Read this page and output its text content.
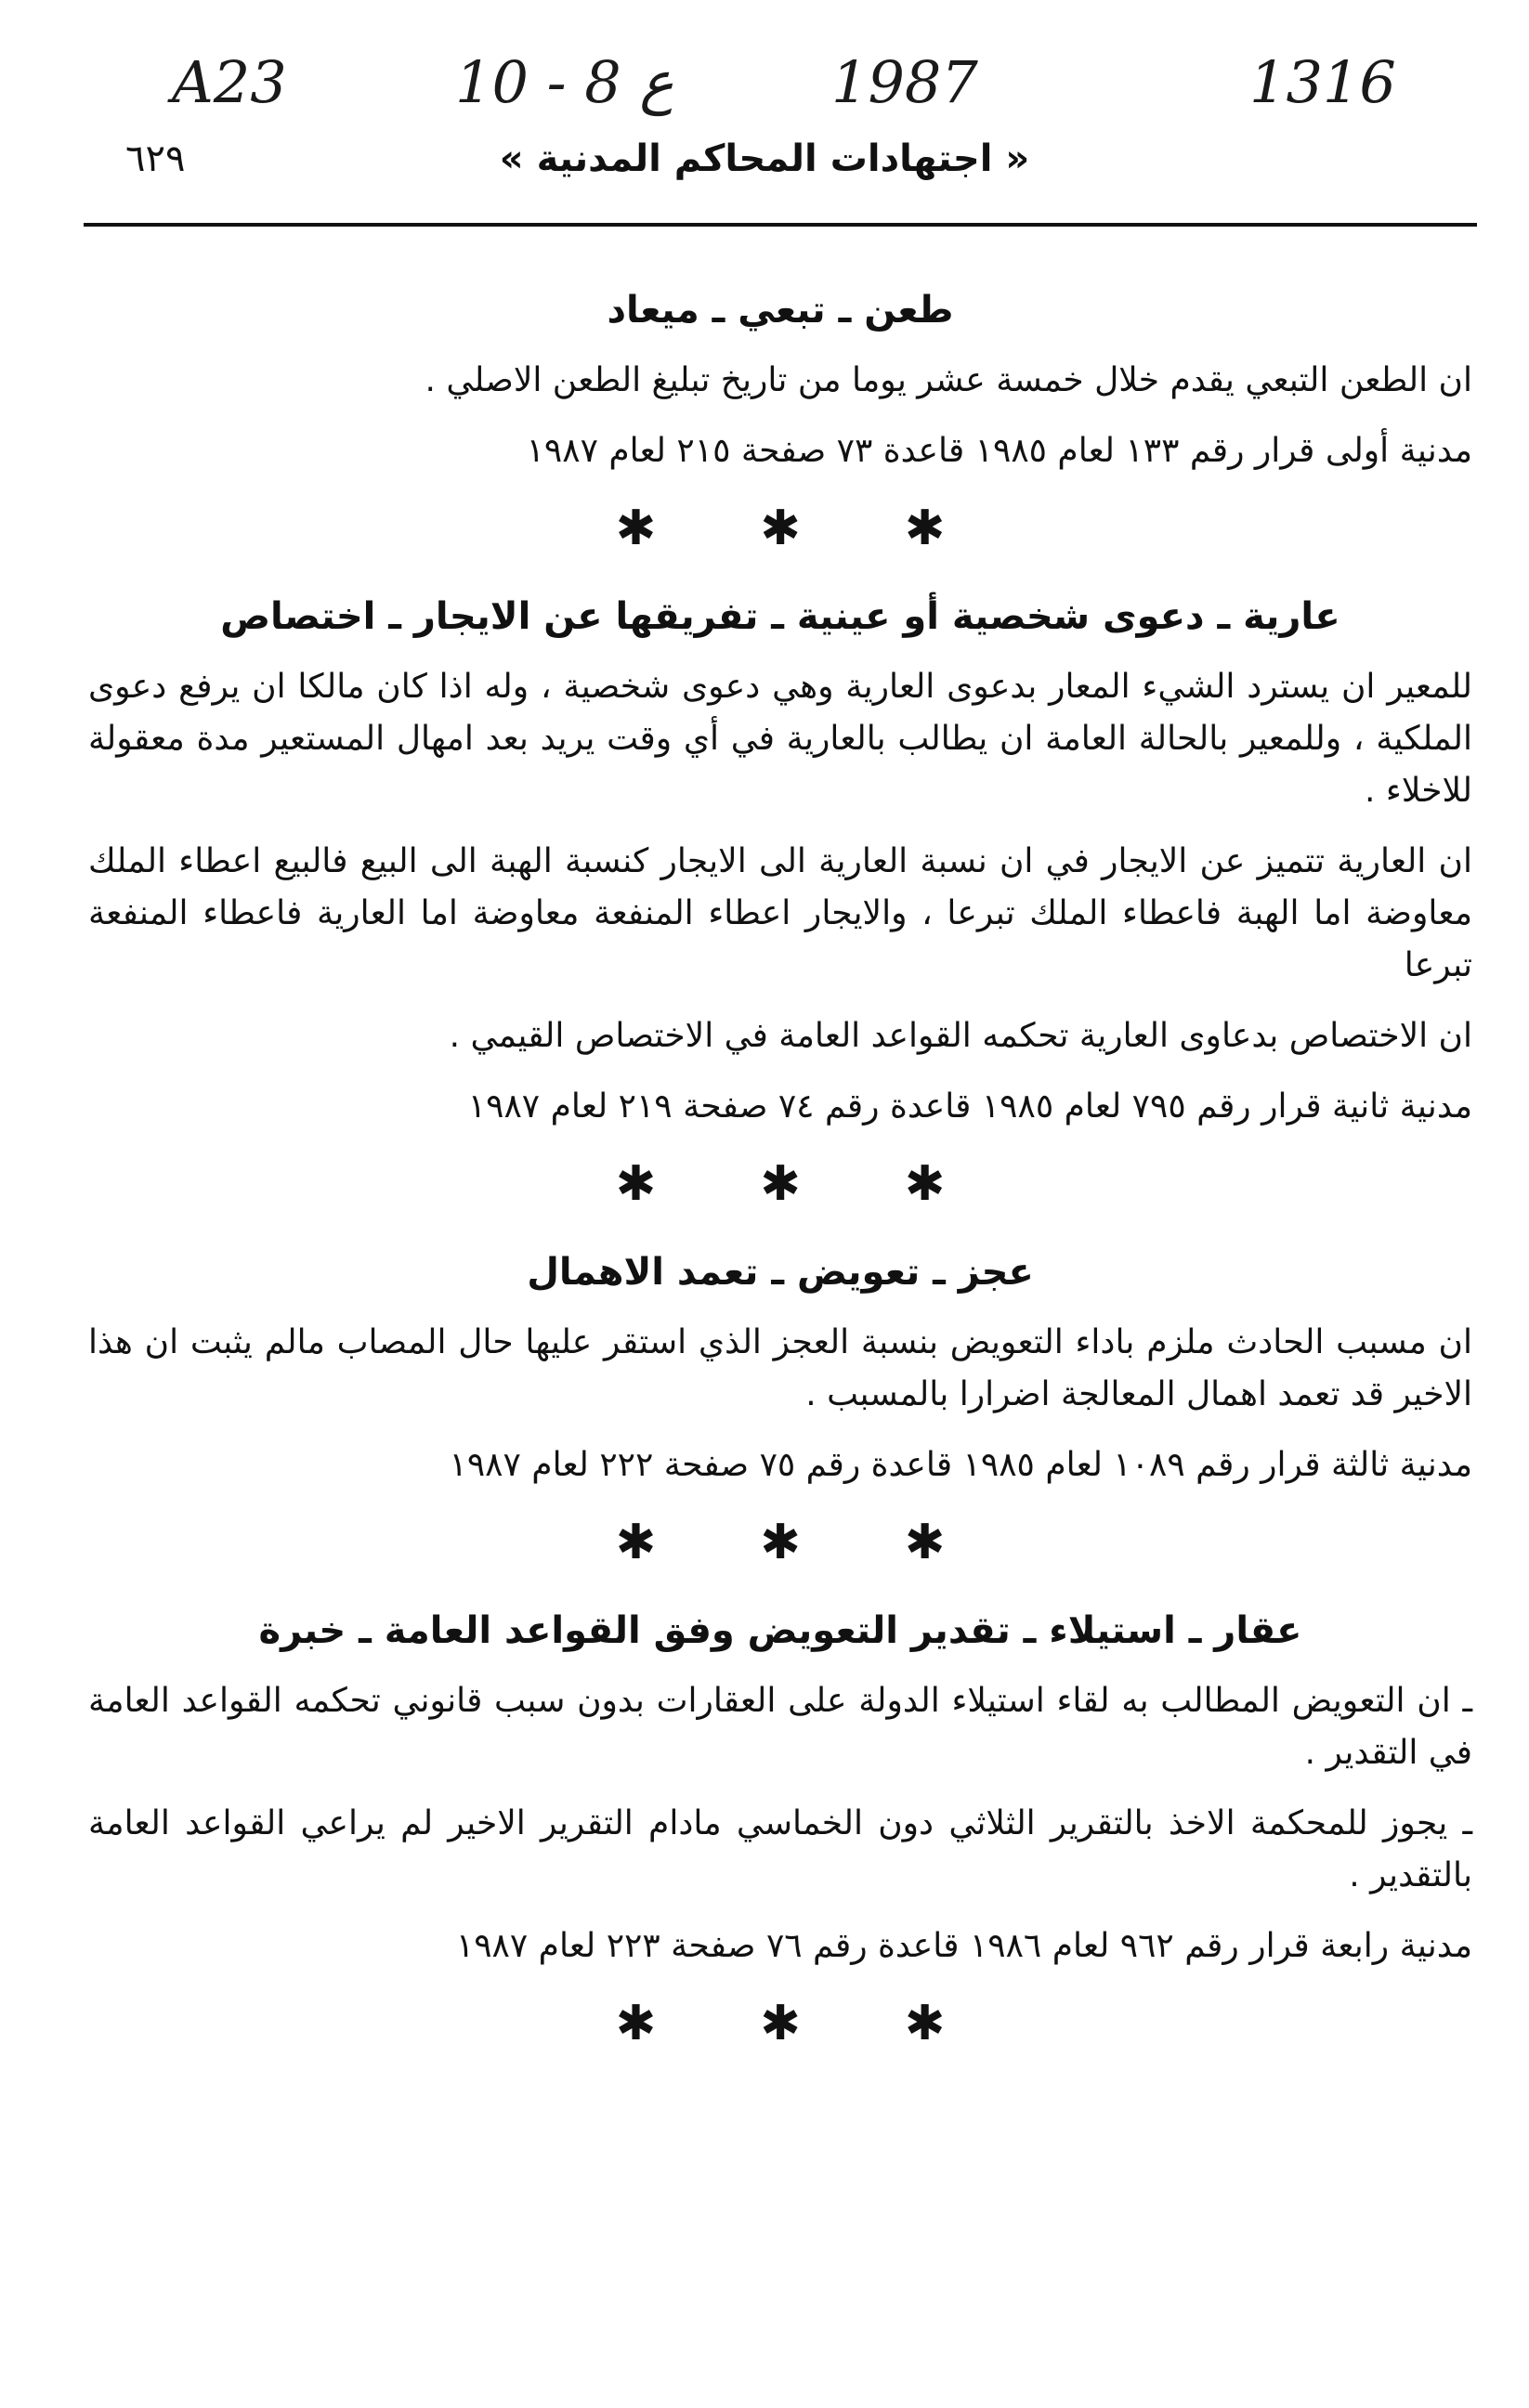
A23	10 - 8 ع	1987	1316
٦٢٩	« اجتهادات المحاكم المدنية »
طعن ـ تبعي ـ ميعاد
ان الطعن التبعي يقدم خلال خمسة عشر يوما من تاريخ تبليغ الطعن الاصلي .
مدنية أولى قرار رقم ١٣٣ لعام ١٩٨٥ قاعدة ٧٣ صفحة ٢١٥ لعام ١٩٨٧
✱ ✱ ✱
عارية ـ دعوى شخصية أو عينية ـ تفريقها عن الايجار ـ اختصاص
للمعير ان يسترد الشيء المعار بدعوى العارية وهي دعوى شخصية ، وله اذا كان مالكا ان يرفع دعوى الملكية ، وللمعير بالحالة العامة ان يطالب بالعارية في أي وقت يريد بعد امهال المستعير مدة معقولة للاخلاء .
ان العارية تتميز عن الايجار في ان نسبة العارية الى الايجار كنسبة الهبة الى البيع فالبيع اعطاء الملك معاوضة اما الهبة فاعطاء الملك تبرعا ، والايجار اعطاء المنفعة معاوضة اما العارية فاعطاء المنفعة تبرعا
ان الاختصاص بدعاوى العارية تحكمه القواعد العامة في الاختصاص القيمي .
مدنية ثانية قرار رقم ٧٩٥ لعام ١٩٨٥ قاعدة رقم ٧٤ صفحة ٢١٩ لعام ١٩٨٧
✱ ✱ ✱
عجز ـ تعويض ـ تعمد الاهمال
ان مسبب الحادث ملزم باداء التعويض بنسبة العجز الذي استقر عليها حال المصاب مالم يثبت ان هذا الاخير قد تعمد اهمال المعالجة اضرارا بالمسبب .
مدنية ثالثة قرار رقم ١٠٨٩ لعام ١٩٨٥ قاعدة رقم ٧٥ صفحة ٢٢٢ لعام ١٩٨٧
✱ ✱ ✱
عقار ـ استيلاء ـ تقدير التعويض وفق القواعد العامة ـ خبرة
ـ ان التعويض المطالب به لقاء استيلاء الدولة على العقارات بدون سبب قانوني تحكمه القواعد العامة في التقدير .
ـ يجوز للمحكمة الاخذ بالتقرير الثلاثي دون الخماسي مادام التقرير الاخير لم يراعي القواعد العامة بالتقدير .
مدنية رابعة قرار رقم ٩٦٢ لعام ١٩٨٦ قاعدة رقم ٧٦ صفحة ٢٢٣ لعام ١٩٨٧
✱ ✱ ✱
